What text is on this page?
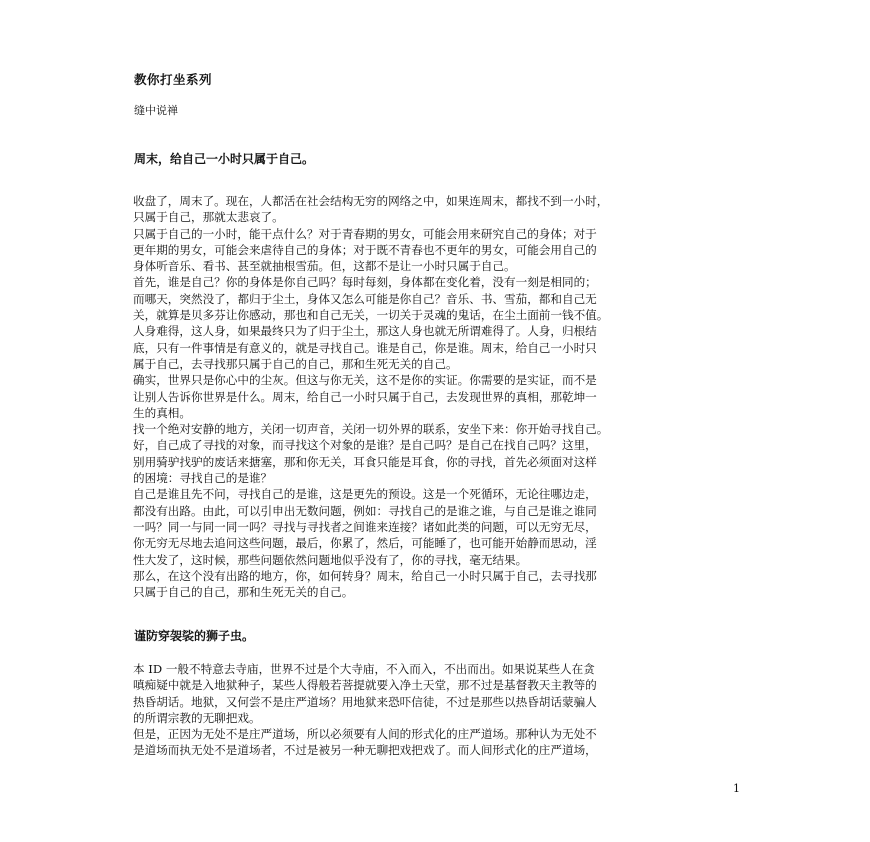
教你打坐系列
缝中说禅
周末，给自己一小时只属于自己。
收盘了，周末了。现在，人都活在社会结构无穷的网络之中，如果连周末，都找不到一小时，
只属于自己，那就太悲哀了。
只属于自己的一小时，能干点什么？对于青春期的男女，可能会用来研究自己的身体；对于
更年期的男女，可能会来虐待自己的身体；对于既不青春也不更年的男女，可能会用自己的
身体听音乐、看书、甚至就抽根雪茄。但，这都不是让一小时只属于自己。
首先，谁是自己？你的身体是你自己吗？每时每刻，身体都在变化着，没有一刻是相同的；
而哪天，突然没了，都归于尘土，身体又怎么可能是你自己？音乐、书、雪茄，都和自己无
关，就算是贝多芬让你感动，那也和自己无关，一切关于灵魂的鬼话，在尘土面前一钱不值。
人身难得，这人身，如果最终只为了归于尘土，那这人身也就无所谓难得了。人身，归根结
底，只有一件事情是有意义的，就是寻找自己。谁是自己，你是谁。周末，给自己一小时只
属于自己，去寻找那只属于自己的自己，那和生死无关的自己。
确实，世界只是你心中的尘灰。但这与你无关，这不是你的实证。你需要的是实证，而不是
让别人告诉你世界是什么。周末，给自己一小时只属于自己，去发现世界的真相，那乾坤一
生的真相。
找一个绝对安静的地方，关闭一切声音，关闭一切外界的联系，安坐下来：你开始寻找自己。
好，自己成了寻找的对象，而寻找这个对象的是谁？是自己吗？是自己在找自己吗？这里，
别用骑驴找驴的废话来搪塞，那和你无关，耳食只能是耳食，你的寻找，首先必须面对这样
的困境：寻找自己的是谁？
自己是谁且先不问，寻找自己的是谁，这是更先的预设。这是一个死循环，无论往哪边走，
都没有出路。由此，可以引申出无数问题，例如：寻找自己的是谁之谁，与自己是谁之谁同
一吗？同一与同一同一吗？寻找与寻找者之间谁来连接？诸如此类的问题，可以无穷无尽，
你无穷无尽地去追问这些问题，最后，你累了，然后，可能睡了，也可能开始静而思动，淫
性大发了，这时候，那些问题依然问题地似乎没有了，你的寻找，毫无结果。
那么，在这个没有出路的地方，你，如何转身？周末，给自己一小时只属于自己，去寻找那
只属于自己的自己，那和生死无关的自己。
谨防穿袈裟的狮子虫。
本 ID 一般不特意去寺庙，世界不过是个大寺庙，不入而入，不出而出。如果说某些人在贪
嗔痴疑中就是入地狱种子，某些人得般若菩提就要入净土天堂，那不过是基督教天主教等的
热昏胡话。地狱，又何尝不是庄严道场？用地狱来恐吓信徒，不过是那些以热昏胡话蒙骗人
的所谓宗教的无聊把戏。
但是，正因为无处不是庄严道场，所以必须要有人间的形式化的庄严道场。那种认为无处不
是道场而执无处不是道场者，不过是被另一种无聊把戏把戏了。而人间形式化的庄严道场，
1
